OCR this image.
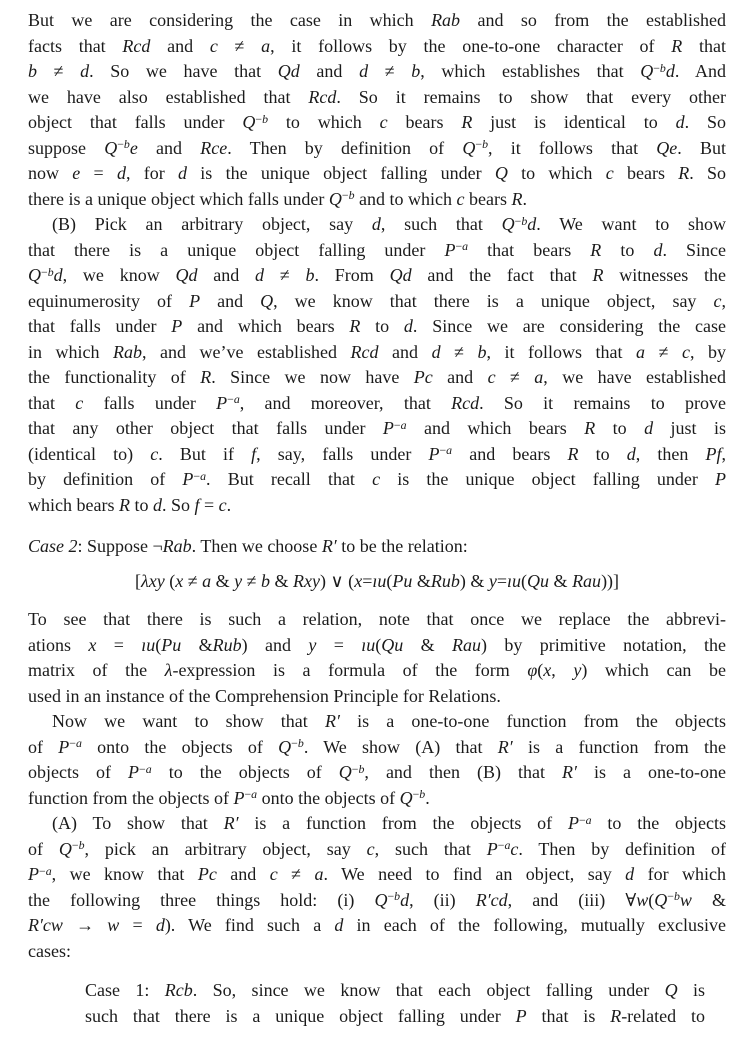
But we are considering the case in which Rab and so from the established
facts that Rcd and c ≠ a, it follows by the one-to-one character of R that
b ≠ d. So we have that Qd and d ≠ b, which establishes that $Q^{-b}d$. And
we have also established that Rcd. So it remains to show that every other
object that falls under $Q^{-b}$ to which c bears R just is identical to d. So
suppose $Q^{-b}e$ and Rce. Then by definition of $Q^{-b}$, it follows that Qe. But
now e = d, for d is the unique object falling under Q to which c bears R. So
there is a unique object which falls under $Q^{-b}$ and to which c bears R.
(B) Pick an arbitrary object, say d, such that $Q^{-b}d$. We want to show
that there is a unique object falling under $P^{-a}$ that bears R to d. Since
$Q^{-b}d$, we know Qd and d ≠ b. From Qd and the fact that R witnesses the
equinumerosity of P and Q, we know that there is a unique object, say c,
that falls under P and which bears R to d. Since we are considering the case
in which Rab, and we’ve established Rcd and d ≠ b, it follows that a ≠ c, by
the functionality of R. Since we now have Pc and c ≠ a, we have established
that c falls under $P^{-a}$, and moreover, that Rcd. So it remains to prove
that any other object that falls under $P^{-a}$ and which bears R to d just is
(identical to) c. But if f, say, falls under $P^{-a}$ and bears R to d, then Pf,
by definition of $P^{-a}$. But recall that c is the unique object falling under P
which bears R to d. So f = c.
Case 2: Suppose ¬Rab. Then we choose R′ to be the relation:
[λxy (x ≠ a & y ≠ b & Rxy) ∨ (x=ıu(Pu &Rub) & y=ıu(Qu & Rau))]
To see that there is such a relation, note that once we replace the abbrevi-
ations x = ıu(Pu &Rub) and y = ıu(Qu & Rau) by primitive notation, the
matrix of the λ-expression is a formula of the form φ(x, y) which can be
used in an instance of the Comprehension Principle for Relations.
Now we want to show that R′ is a one-to-one function from the objects
of $P^{-a}$ onto the objects of $Q^{-b}$. We show (A) that R′ is a function from the
objects of $P^{-a}$ to the objects of $Q^{-b}$, and then (B) that R′ is a one-to-one
function from the objects of $P^{-a}$ onto the objects of $Q^{-b}$.
(A) To show that R′ is a function from the objects of $P^{-a}$ to the objects
of $Q^{-b}$, pick an arbitrary object, say c, such that $P^{-a}c$. Then by definition of
$P^{-a}$, we know that Pc and c ≠ a. We need to find an object, say d for which
the following three things hold: (i) $Q^{-b}d$, (ii) R′cd, and (iii) $\forall w(Q^{-b}w$ &
R′cw → w = d). We find such a d in each of the following, mutually exclusive
cases:
Case 1: Rcb. So, since we know that each object falling under Q is
such that there is a unique object falling under P that is R-related to
